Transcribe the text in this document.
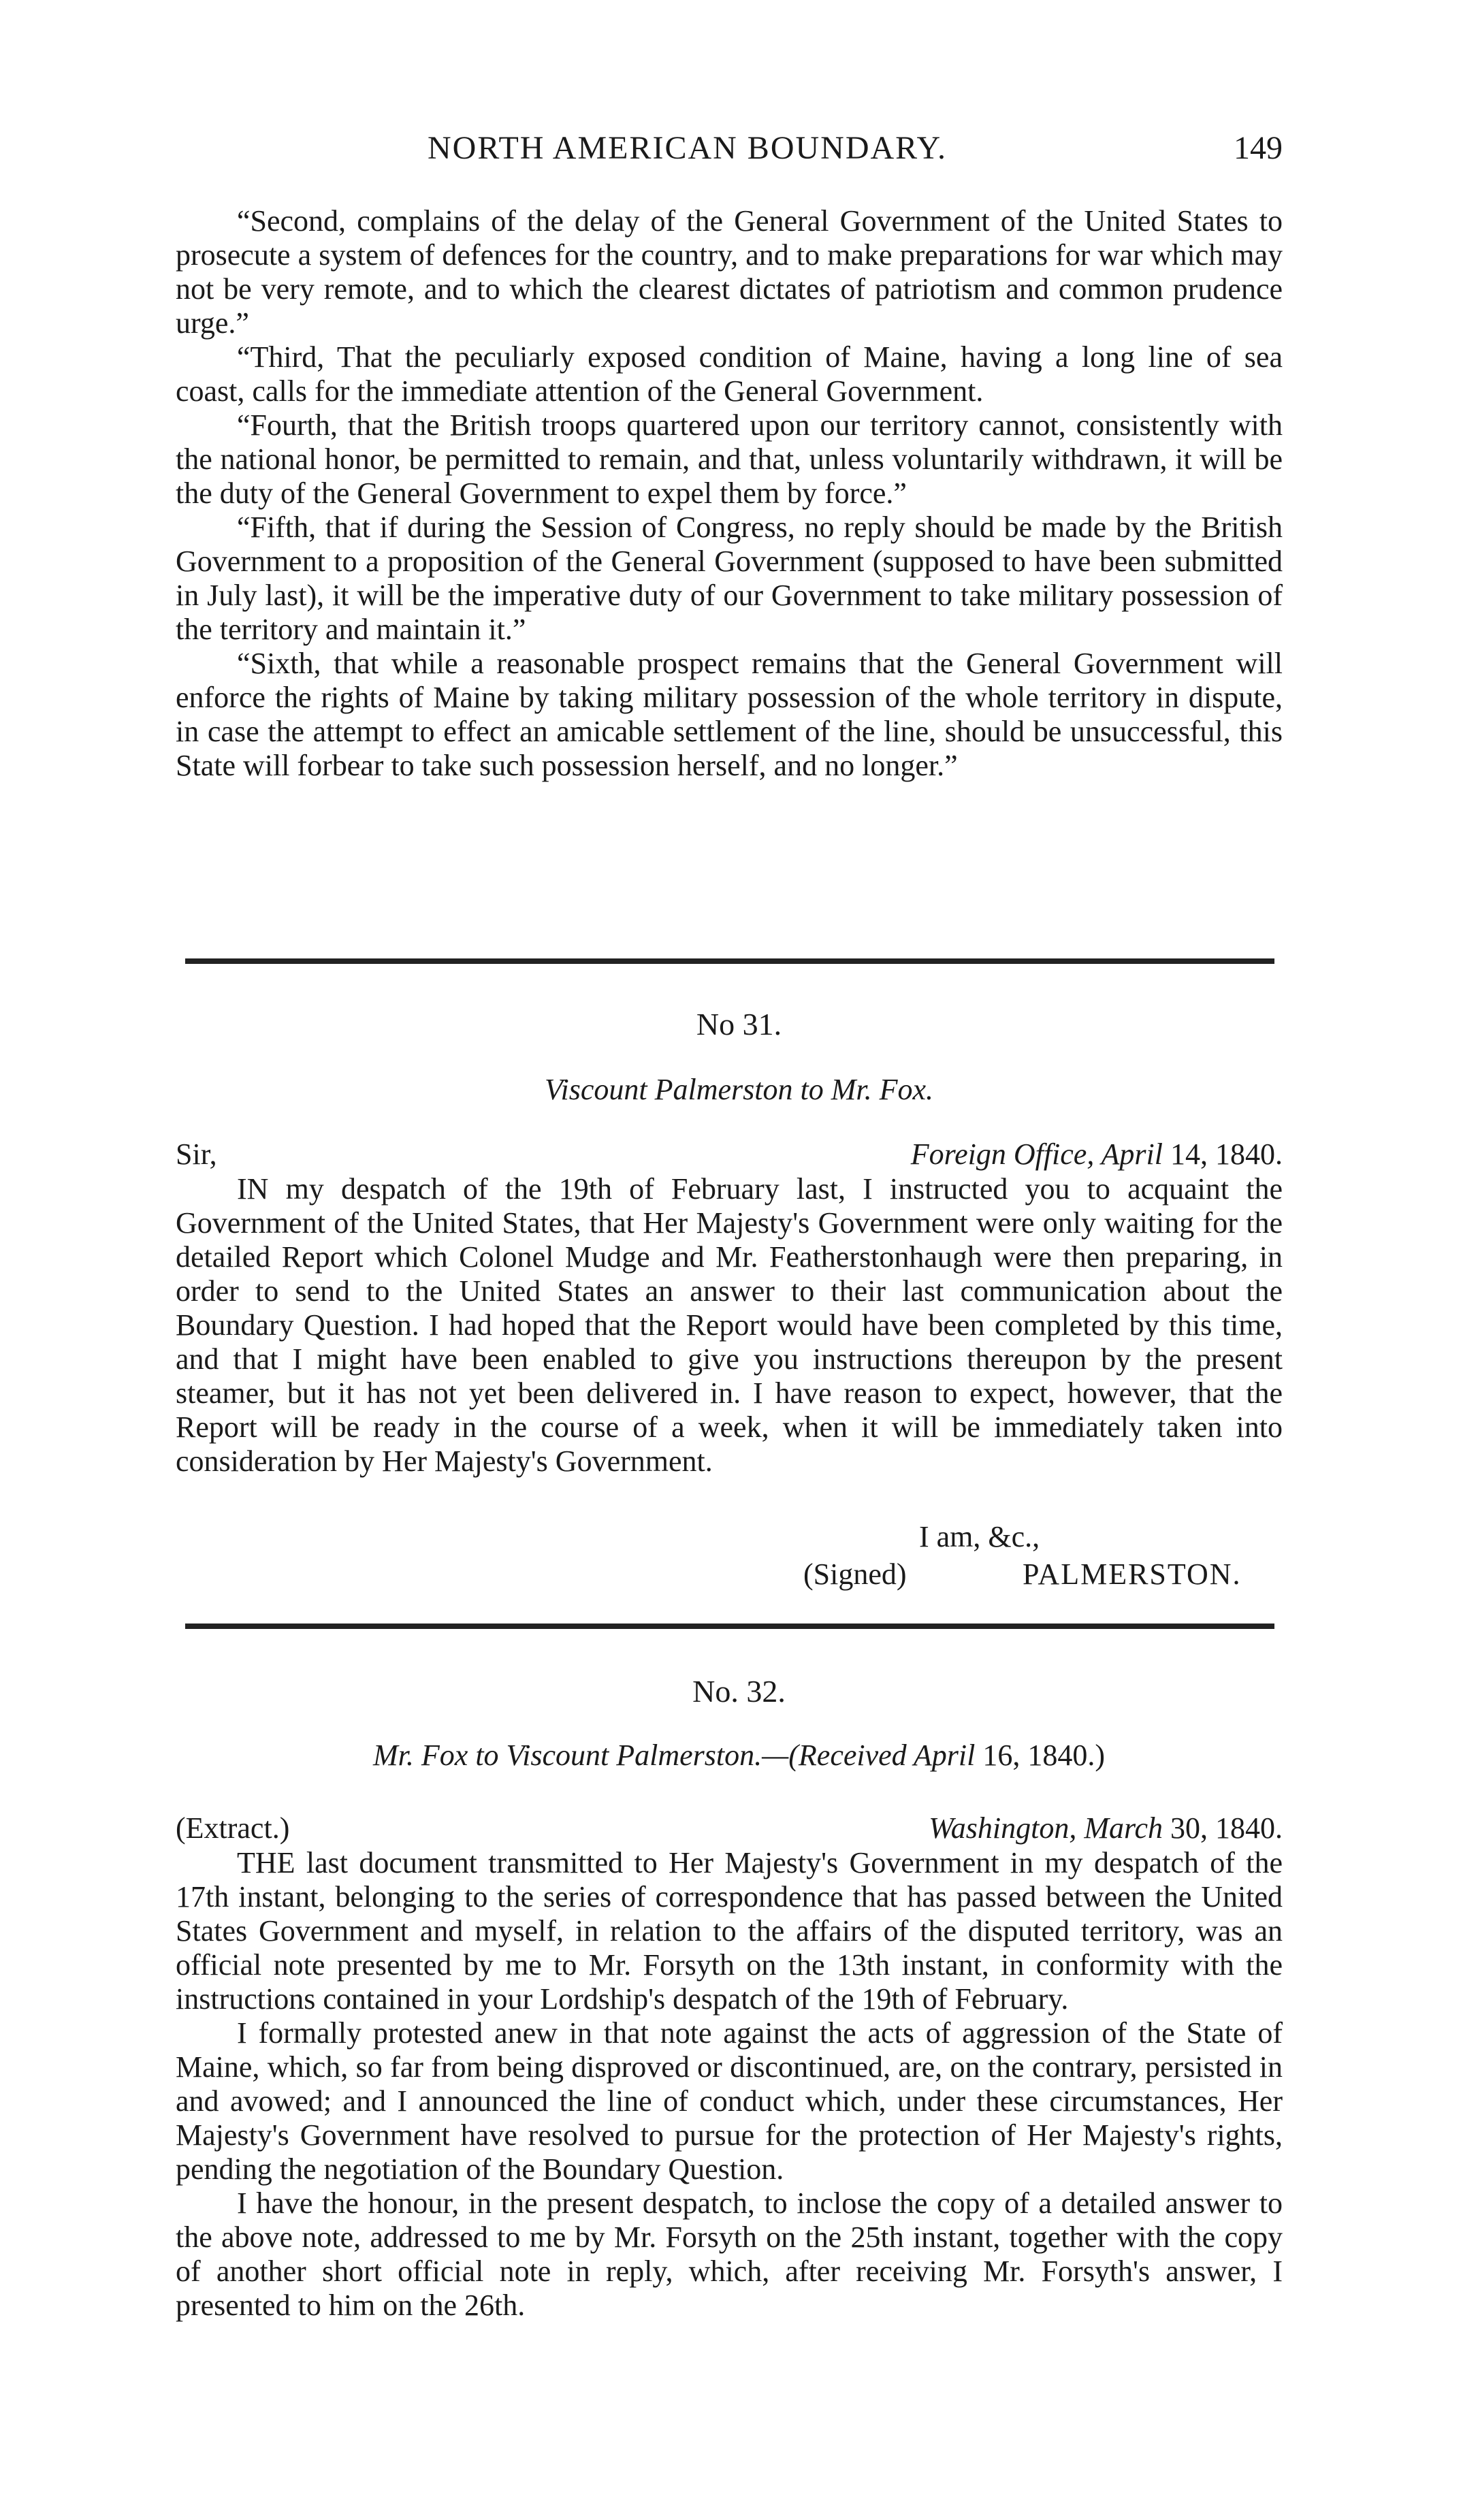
NORTH AMERICAN BOUNDARY.	149

“Second, complains of the delay of the General Government of the United States to prosecute a system of defences for the country, and to make preparations for war which may not be very remote, and to which the clearest dictates of patriotism and common prudence urge.”

“Third, That the peculiarly exposed condition of Maine, having a long line of sea coast, calls for the immediate attention of the General Government.

“Fourth, that the British troops quartered upon our territory cannot, consistently with the national honor, be permitted to remain, and that, unless voluntarily withdrawn, it will be the duty of the General Government to expel them by force.”

“Fifth, that if during the Session of Congress, no reply should be made by the British Government to a proposition of the General Government (supposed to have been submitted in July last), it will be the imperative duty of our Government to take military possession of the territory and maintain it.”

“Sixth, that while a reasonable prospect remains that the General Government will enforce the rights of Maine by taking military possession of the whole territory in dispute, in case the attempt to effect an amicable settlement of the line, should be unsuccessful, this State will forbear to take such possession herself, and no longer.”

No 31.
Viscount Palmerston to Mr. Fox.
Sir,	Foreign Office, April 14, 1840.

IN my despatch of the 19th of February last, I instructed you to acquaint the Government of the United States, that Her Majesty's Government were only waiting for the detailed Report which Colonel Mudge and Mr. Featherstonhaugh were then preparing, in order to send to the United States an answer to their last communication about the Boundary Question. I had hoped that the Report would have been completed by this time, and that I might have been enabled to give you instructions thereupon by the present steamer, but it has not yet been delivered in. I have reason to expect, however, that the Report will be ready in the course of a week, when it will be immediately taken into consideration by Her Majesty's Government.

I am, &c.,
(Signed)	PALMERSTON.
No. 32.
Mr. Fox to Viscount Palmerston.—(Received April 16, 1840.)
(Extract.)	Washington, March 30, 1840.

THE last document transmitted to Her Majesty's Government in my despatch of the 17th instant, belonging to the series of correspondence that has passed between the United States Government and myself, in relation to the affairs of the disputed territory, was an official note presented by me to Mr. Forsyth on the 13th instant, in conformity with the instructions contained in your Lordship's despatch of the 19th of February.

I formally protested anew in that note against the acts of aggression of the State of Maine, which, so far from being disproved or discontinued, are, on the contrary, persisted in and avowed; and I announced the line of conduct which, under these circumstances, Her Majesty's Government have resolved to pursue for the protection of Her Majesty's rights, pending the negotiation of the Boundary Question.

I have the honour, in the present despatch, to inclose the copy of a detailed answer to the above note, addressed to me by Mr. Forsyth on the 25th instant, together with the copy of another short official note in reply, which, after receiving Mr. Forsyth's answer, I presented to him on the 26th.
